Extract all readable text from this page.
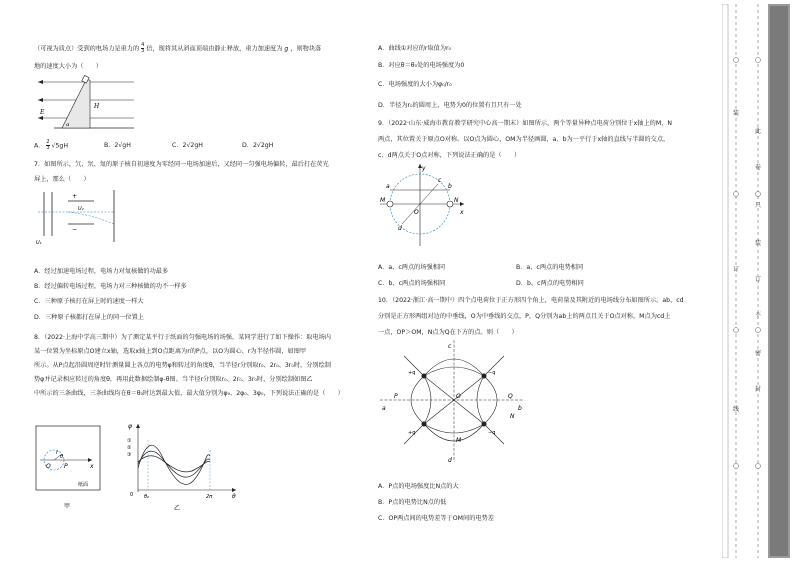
（可视为质点）受到的电场力是重力的 $\frac{4}{3}$ 倍，现将其从斜面顶端由静止释放，重力加速度为 g ，则物块落
地的速度大小为（　　）
E
H
α
A． $\frac{2}{3} √5gH$	B．2√gH	C．2√2gH	D．2√2gH
7．如图所示，氕、氘、氚的原子核自初速度为零经同一电场加速后，又经同一匀强电场偏转，最后打在荧光
屏上，那么（　　）
+
−
U₂
U₁
A．经过加速电场过程，电场力对氚核做的功最多
B．经过偏转电场过程，电场力对三种核做的功不一样多
C．三种原子核打在屏上时的速度一样大
D．三种原子核都打在屏上的同一位置上
8．（2022·上海中学高三期中）为了测定某平行于纸面的匀强电场的场强，某同学进行了如下操作：取电场内
某一位置为坐标原点O建立x轴，选取x轴上到O点距离为r的P点，以O为圆心、r为半径作圆，如图甲
所示。从P点起沿圆周逆时针测量圆上各点的电势φ和转过的角度θ，当半径r分别取r₀、2r₀、3r₀时，分别绘制
势φ并记录相应转过的角度θ，再用此数据绘制φ-θ图。当半径r分别取r₀、2r₀、3r₀时，分别绘制如图乙
中所示的三条曲线，三条曲线均在θ＝θ₀时达到最大值，最大值分别为φ₀、2φ₀、3φ₀，下列说法正确的是（　　）
O P	x
r
θ
纸面
甲
φ
①
②
③
0 θ₀	2π	θ
乙
A．曲线①对应的r取值为r₀
B．对应θ＝θ₀处的电场强度为0
C．电场强度的大小为φ₀/r₀
D．半径为r₀的圆周上，电势为0的位置有且只有一处
9．（2022·山东·威海市教育教学研究中心高一期末）如图所示，两个等量异种点电荷分别位于x轴上的M、N
两点，其位置关于原点O对称。以O点为圆心，OM为半径画圆，a、b为一平行于x轴的直线与半圆的交点，
c、d两点关于O点对称，下列说法正确的是（　　）
y
a	b
c
d
M	N
O	x
A．a、c两点的场强相同	B．a、c两点的电势相同
C．b、c两点的场强相同	D．b、c两点的电势相同
10．（2022·浙江·高一期中）四个点电荷位于正方形四个角上，电荷量及其附近的电场线分布如图所示。ab、cd
分别是正方形两组对边的中垂线，O为中垂线的交点，P、Q分别为ab上的两点且关于O点对称，M点为cd上
一点，OP＞OM，N点为Q在下方的点。则（　　）
c
a	b
d
P	Q
O
M
N
+q	−q
+q	−q
A．P点的电场强度比N点的大
B．P点的电势比N点的低
C．OP两点间的电势差等于OM间的电势差
装
订
线
此
卷
只
装
订
不
密
封
